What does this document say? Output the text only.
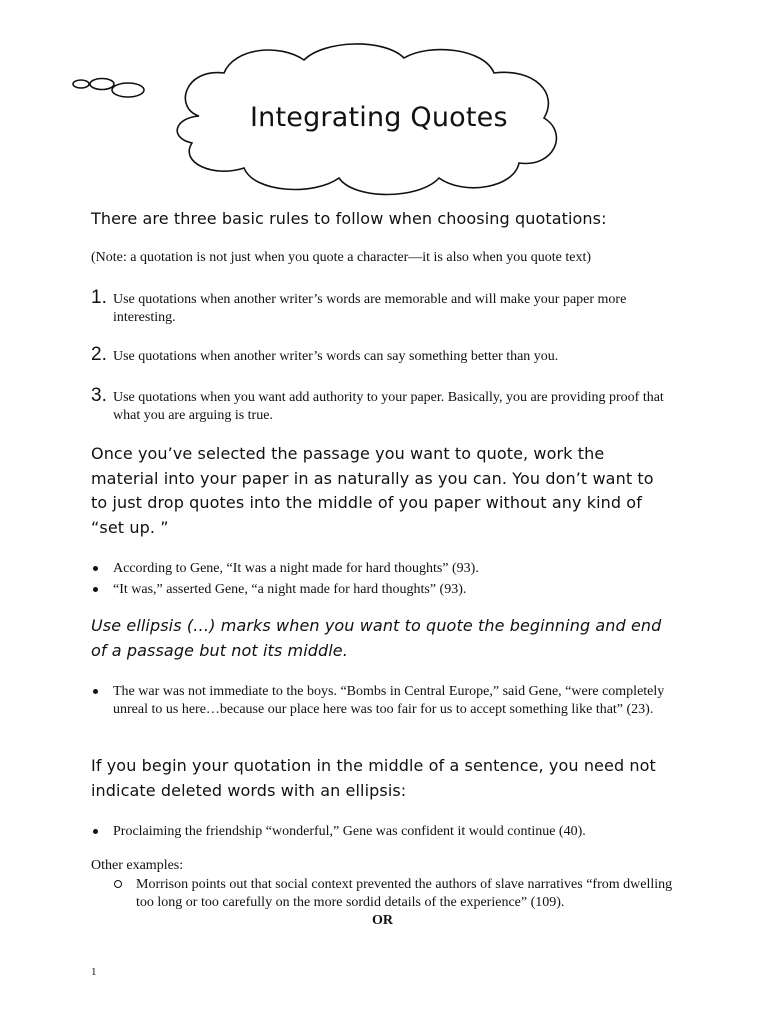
Integrating Quotes
There are three basic rules to follow when choosing quotations:
(Note: a quotation is not just when you quote a character—it is also when you quote text)
1. Use quotations when another writer’s words are memorable and will make your paper more interesting.
2. Use quotations when another writer’s words can say something better than you.
3. Use quotations when you want add authority to your paper. Basically, you are providing proof that what you are arguing is true.
Once you’ve selected the passage you want to quote, work the material into your paper in as naturally as you can. You don’t want to to just drop quotes into the middle of you paper without any kind of “set up. ”
According to Gene, “It was a night made for hard thoughts” (93).
“It was,” asserted Gene, “a night made for hard thoughts” (93).
Use ellipsis (…) marks when you want to quote the beginning and end of a passage but not its middle.
The war was not immediate to the boys. “Bombs in Central Europe,” said Gene, “were completely unreal to us here…because our place here was too fair for us to accept something like that” (23).
If you begin your quotation in the middle of a sentence, you need not indicate deleted words with an ellipsis:
Proclaiming the friendship “wonderful,” Gene was confident it would continue (40).
Other examples:
Morrison points out that social context prevented the authors of slave narratives “from dwelling too long or too carefully on the more sordid details of the experience” (109).
OR
1
